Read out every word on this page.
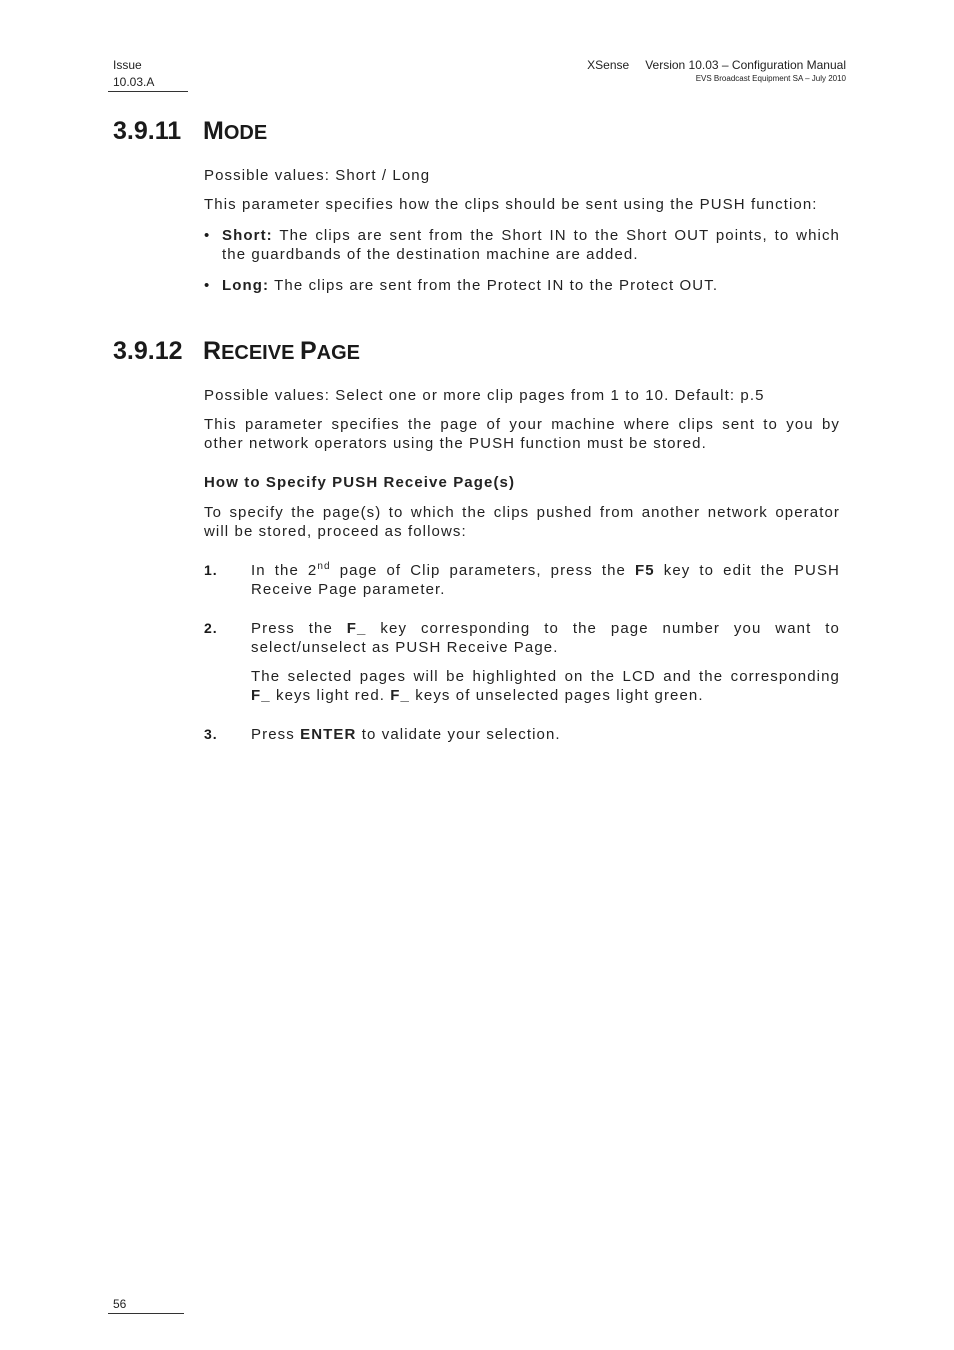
Issue
10.03.A
XSense Version 10.03 – Configuration Manual
EVS Broadcast Equipment SA – July 2010
3.9.11 MODE
Possible values: Short / Long
This parameter specifies how the clips should be sent using the PUSH function:
• Short: The clips are sent from the Short IN to the Short OUT points, to which the guardbands of the destination machine are added.
• Long: The clips are sent from the Protect IN to the Protect OUT.
3.9.12 RECEIVE PAGE
Possible values: Select one or more clip pages from 1 to 10. Default: p.5
This parameter specifies the page of your machine where clips sent to you by other network operators using the PUSH function must be stored.
How to Specify PUSH Receive Page(s)
To specify the page(s) to which the clips pushed from another network operator will be stored, proceed as follows:
1. In the 2nd page of Clip parameters, press the F5 key to edit the PUSH Receive Page parameter.
2. Press the F_ key corresponding to the page number you want to select/unselect as PUSH Receive Page.
The selected pages will be highlighted on the LCD and the corresponding F_ keys light red. F_ keys of unselected pages light green.
3. Press ENTER to validate your selection.
56
